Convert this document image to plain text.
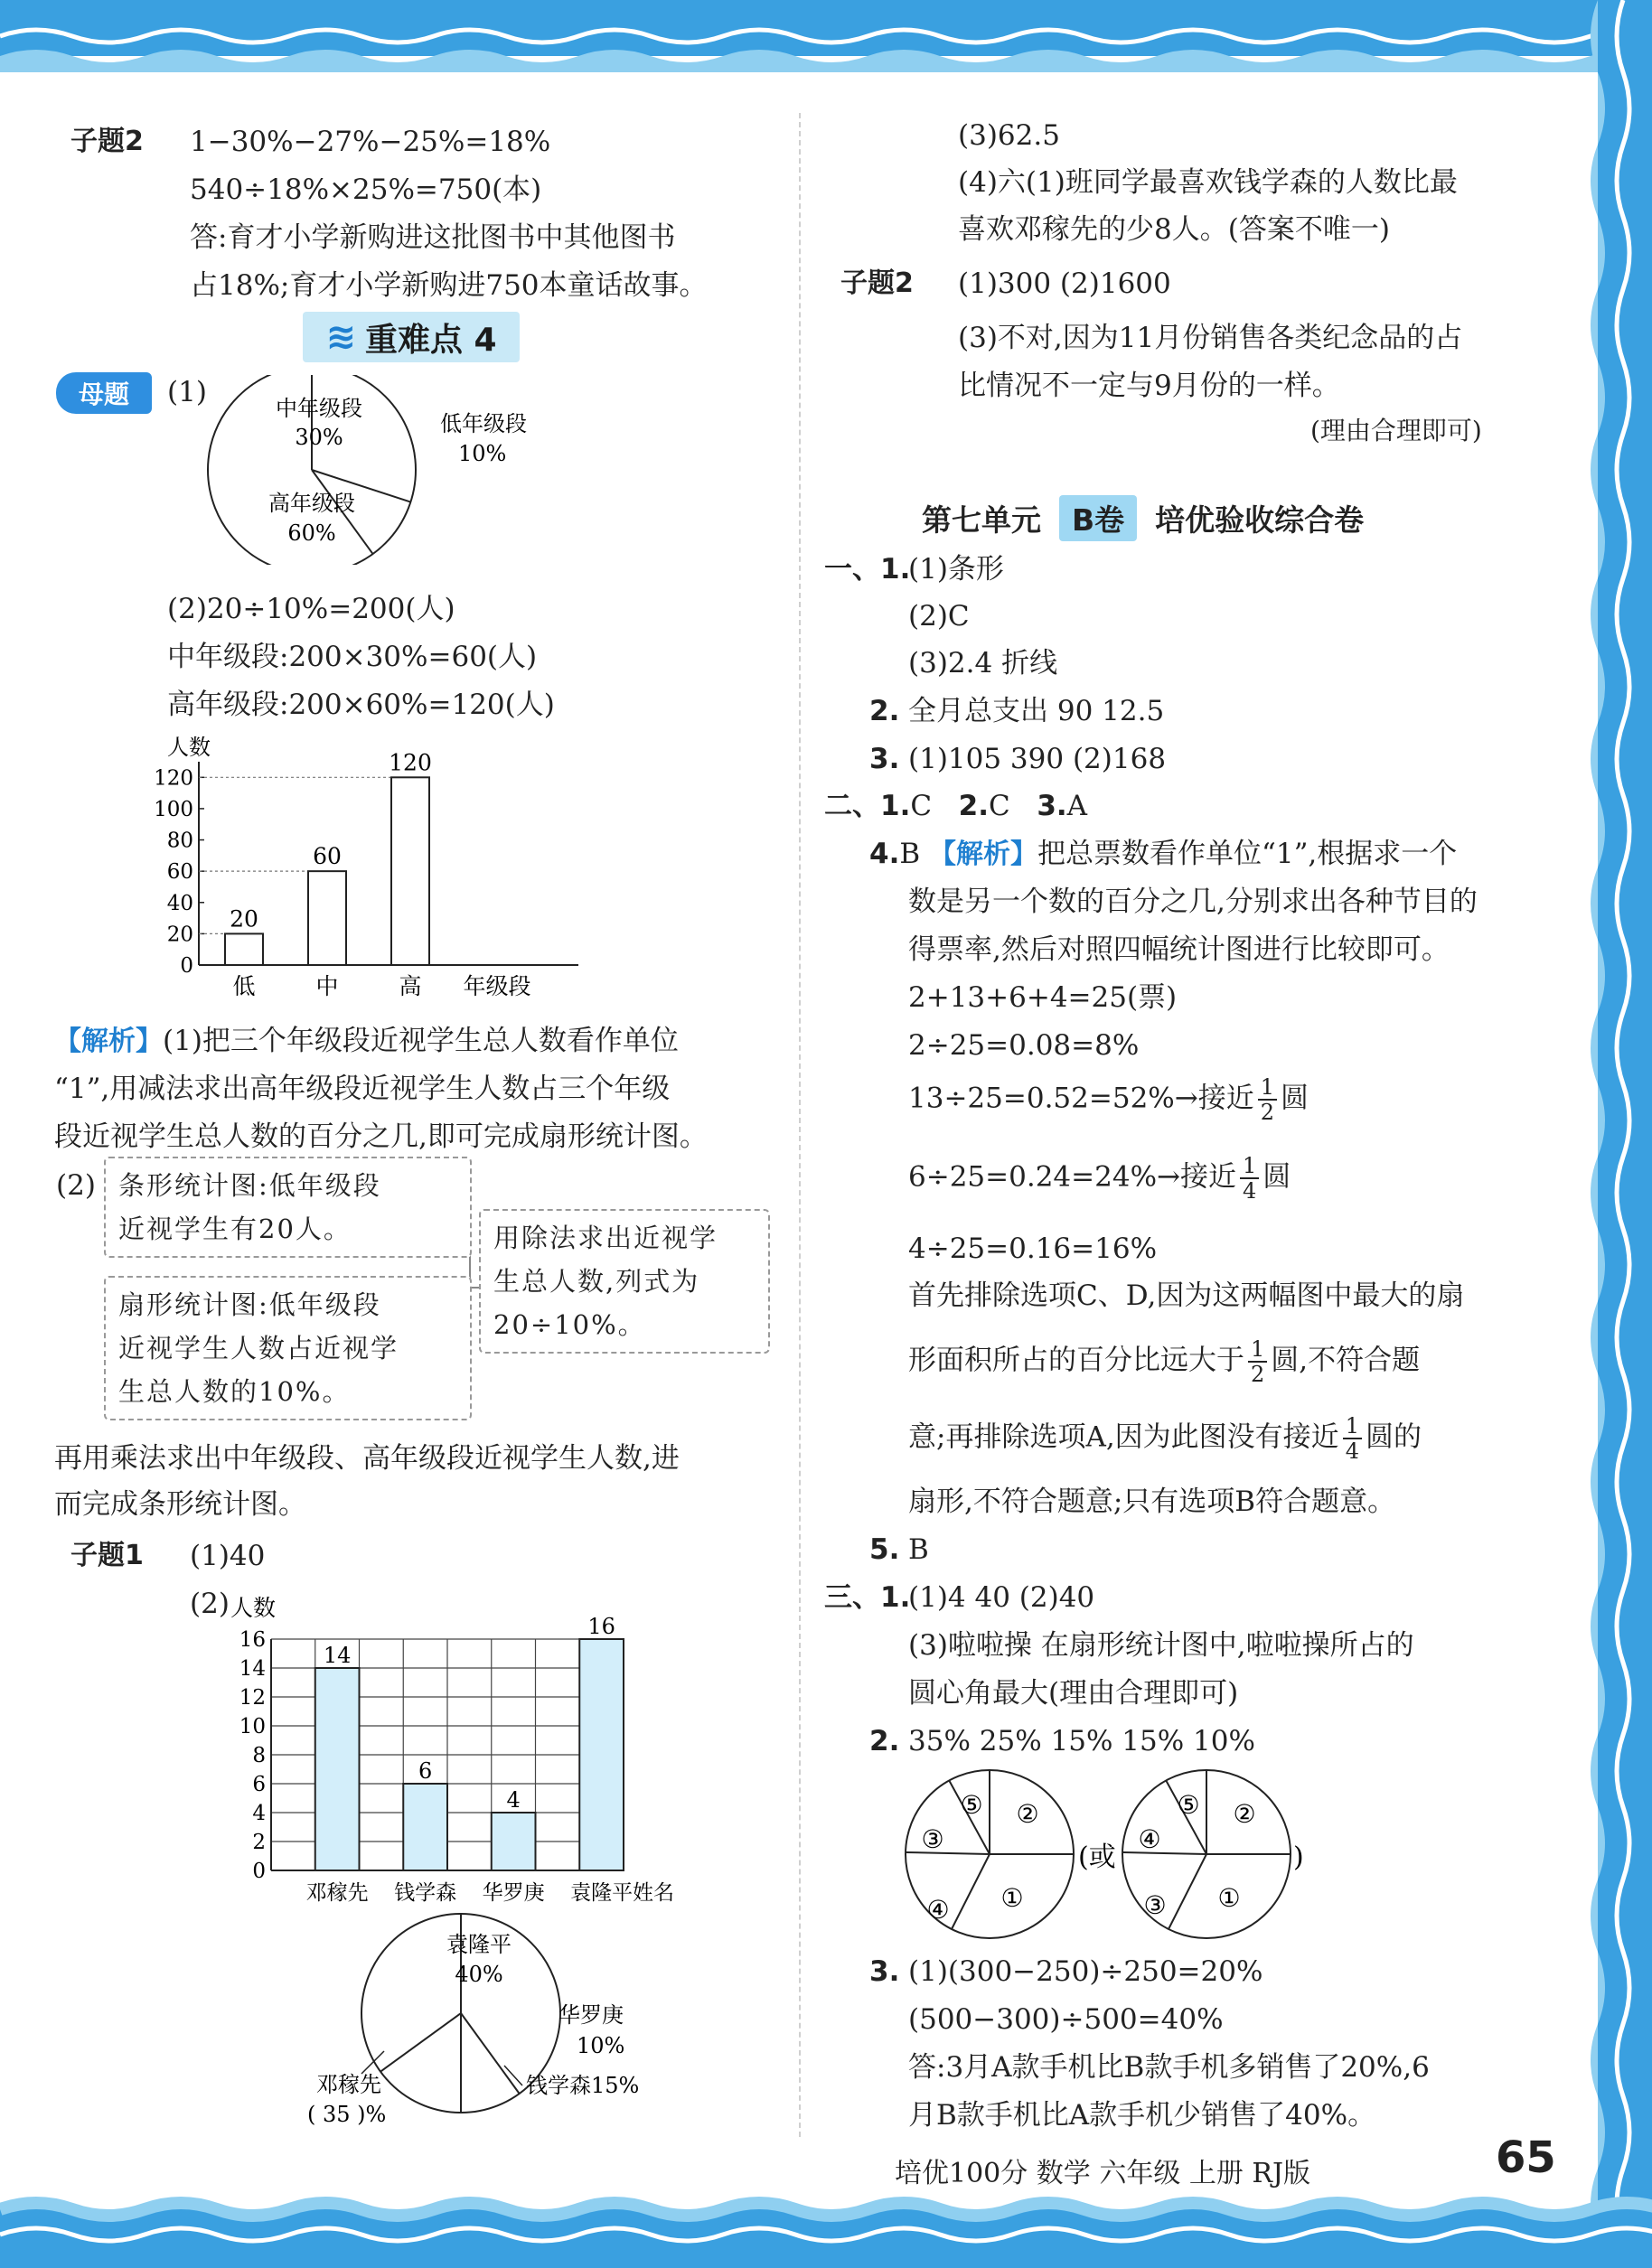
子题2 1−30%−27%−25%=18%
540÷18%×25%=750(本)
答:育才小学新购进这批图书中其他图书
占18%;育才小学新购进750本童话故事。
≋ 重难点 4
母题	(1)	中年级段
30%
低年级段
10%
高年级段
60%
(2)20÷10%=200(人)
中年级段:200×30%=60(人)
高年级段:200×60%=120(人)
人数
0
20
40
60
80
100
120
20
低
60
中
120
高 年级段
【解析】(1)把三个年级段近视学生总人数看作单位
“1”,用减法求出高年级段近视学生人数占三个年级
段近视学生总人数的百分之几,即可完成扇形统计图。
(2) 条形统计图:低年级段
近视学生有20人。
扇形统计图:低年级段
近视学生人数占近视学
生总人数的10%。
用除法求出近视学
生总人数,列式为
20÷10%。
再用乘法求出中年级段、高年级段近视学生人数,进
而完成条形统计图。
子题1 (1)40
(2)
0
2
4
6
8
10
12
14
16
人数
14
邓稼先
6
钱学森
4
华罗庚
16
袁隆平 姓名
袁隆平
40%
华罗庚
10%
钱学森15%
邓稼先
( 35 )%
(3)62.5
(4)六(1)班同学最喜欢钱学森的人数比最
喜欢邓稼先的少8人。(答案不唯一)
子题2 (1)300 (2)1600
(3)不对,因为11月份销售各类纪念品的占
比情况不一定与9月份的一样。
(理由合理即可)
第七单元	B卷	培优验收综合卷
一、1.
(1)条形
(2)C
(3)2.4 折线
2. 全月总支出 90 12.5
3. (1)105 390 (2)168
二、1.C 2.C 3.A
4.B 【解析】把总票数看作单位“1”,根据求一个
数是另一个数的百分之几,分别求出各种节目的
得票率,然后对照四幅统计图进行比较即可。
2+13+6+4=25(票)
2÷25=0.08=8%
13÷25=0.52=52%→接近 $\frac{1}{2}$ 圆
6÷25=0.24=24%→接近 $\frac{1}{4}$ 圆
4÷25=0.16=16%
首先排除选项C、D,因为这两幅图中最大的扇
形面积所占的百分比远大于 $\frac{1}{2}$ 圆,不符合题
意;再排除选项A,因为此图没有接近 $\frac{1}{4}$ 圆的
扇形,不符合题意;只有选项B符合题意。
5. B
三、1.
(1)4 40 (2)40
(3)啦啦操 在扇形统计图中,啦啦操所占的
圆心角最大(理由合理即可)
2. 35% 25% 15% 15% 10%
②
①
④
③
⑤
(或
②
①
③
④
⑤
)
3. (1)(300−250)÷250=20%
(500−300)÷500=40%
答:3月A款手机比B款手机多销售了20%,6
月B款手机比A款手机少销售了40%。
培优100分 数学 六年级 上册 RJ版	65
